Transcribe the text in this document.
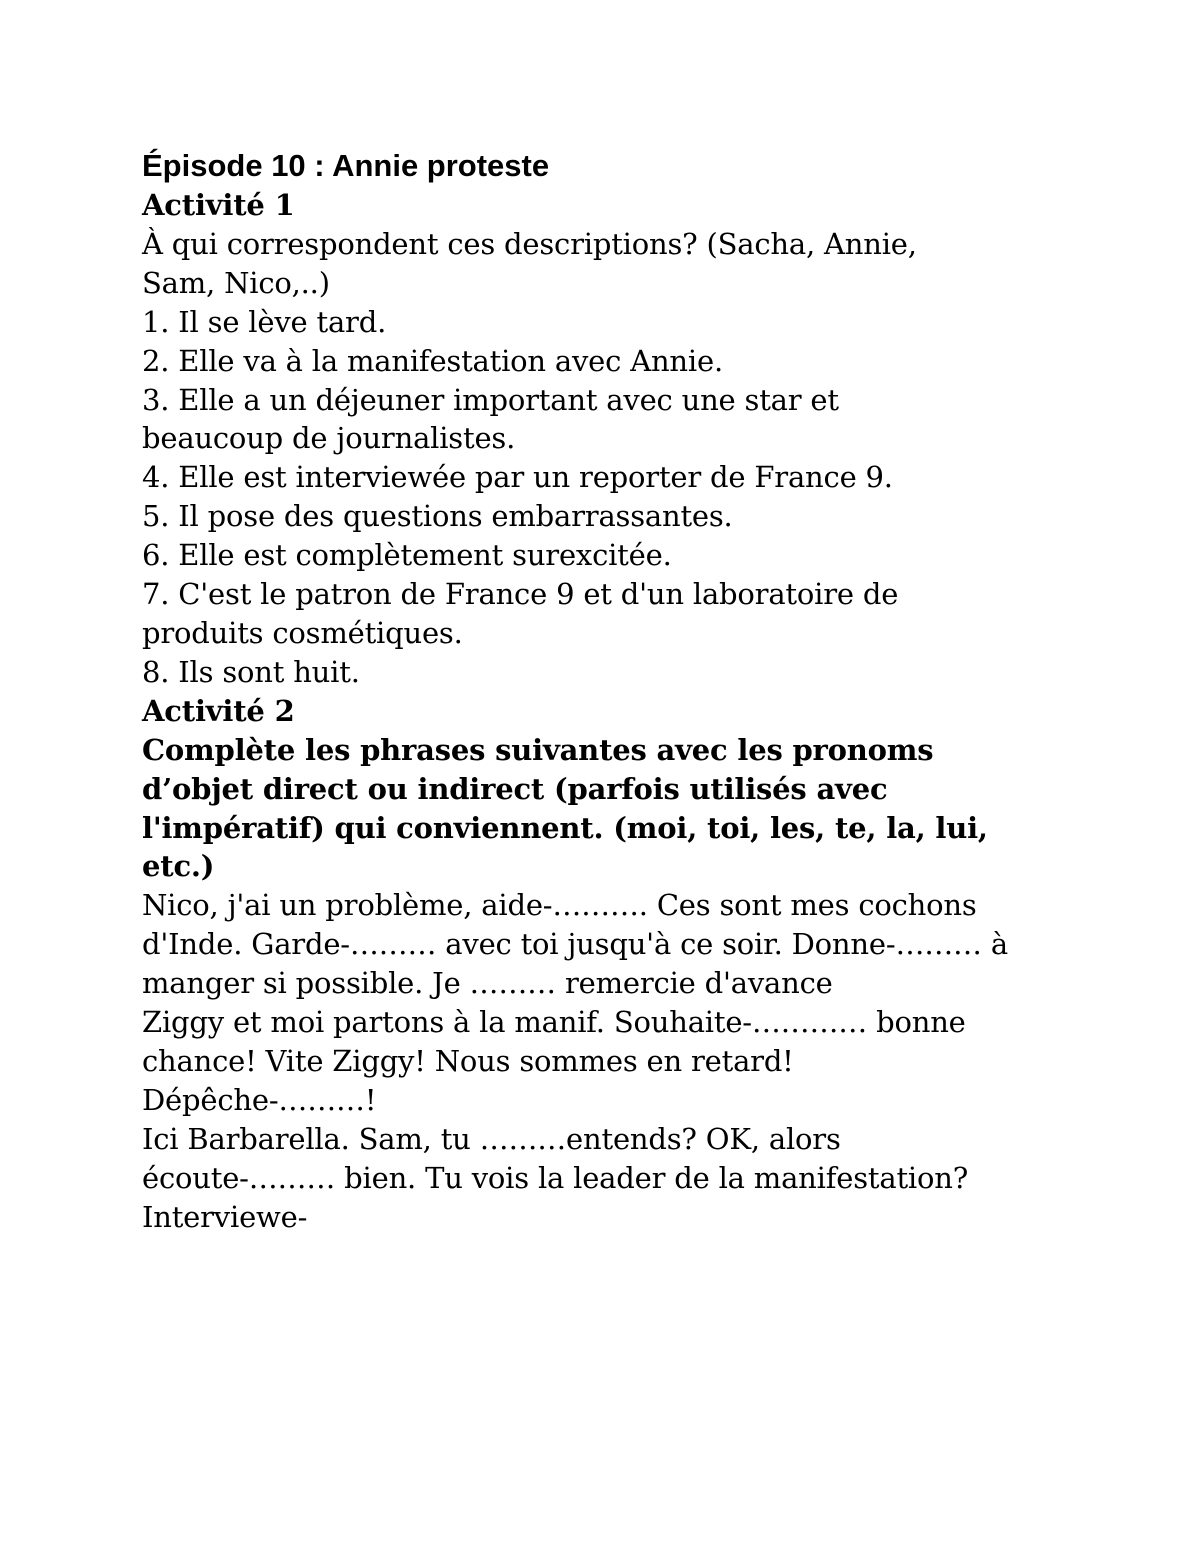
Épisode 10 : Annie proteste
Activité 1

À qui correspondent ces descriptions? (Sacha, Annie,

Sam, Nico,..)

1. Il se lève tard.

2. Elle va à la manifestation avec Annie.

3. Elle a un déjeuner important avec une star et

beaucoup de journalistes.

4. Elle est interviewée par un reporter de France 9.

5. Il pose des questions embarrassantes.

6. Elle est complètement surexcitée.

7. C'est le patron de France 9 et d'un laboratoire de

produits cosmétiques.

8. Ils sont huit.

Activité 2

Complète les phrases suivantes avec les pronoms

d’objet direct ou indirect (parfois utilisés avec

l'impératif) qui conviennent. (moi, toi, les, te, la, lui,

etc.)

Nico, j'ai un problème, aide-………. Ces sont mes cochons

d'Inde. Garde-……… avec toi jusqu'à ce soir. Donne-……… à

manger si possible. Je ……… remercie d'avance

Ziggy et moi partons à la manif. Souhaite-………… bonne

chance! Vite Ziggy! Nous sommes en retard!

Dépêche-………!

Ici Barbarella. Sam, tu ………entends? OK, alors

écoute-……… bien. Tu vois la leader de la manifestation?

Interviewe-
